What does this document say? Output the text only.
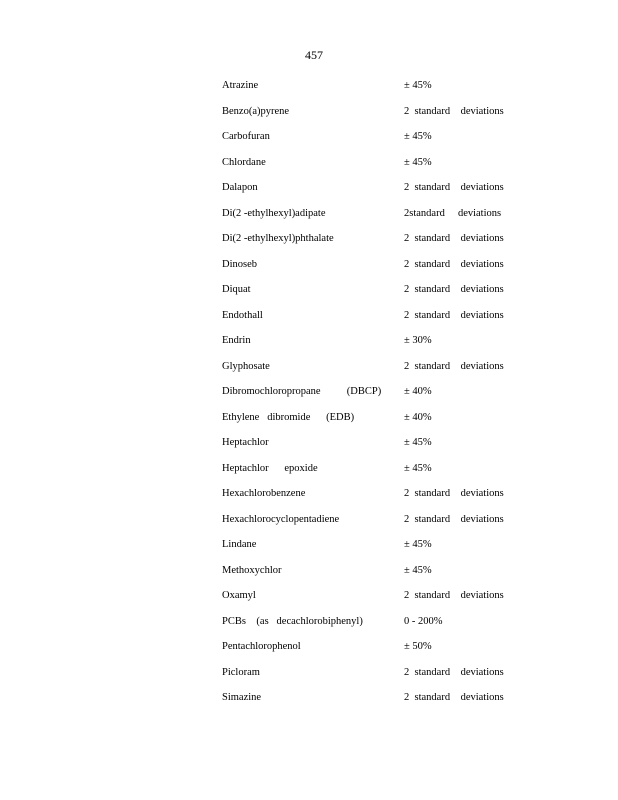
457
Atrazine	± 45%
Benzo(a)pyrene	2  standard    deviations
Carbofuran	± 45%
Chlordane	± 45%
Dalapon	2  standard    deviations
Di(2 -ethylhexyl)adipate	2standard     deviations
Di(2 -ethylhexyl)phthalate	2  standard    deviations
Dinoseb	2  standard    deviations
Diquat	2  standard    deviations
Endothall	2  standard    deviations
Endrin	± 30%
Glyphosate	2  standard    deviations
Dibromochloropropane          (DBCP) ± 40%
Ethylene   dibromide      (EDB)	± 40%
Heptachlor	± 45%
Heptachlor      epoxide	± 45%
Hexachlorobenzene	2  standard    deviations
Hexachlorocyclopentadiene	2  standard    deviations
Lindane	± 45%
Methoxychlor	± 45%
Oxamyl	2  standard    deviations
PCBs    (as   decachlorobiphenyl)	0 - 200%
Pentachlorophenol	± 50%
Picloram	2  standard    deviations
Simazine	2  standard    deviations
